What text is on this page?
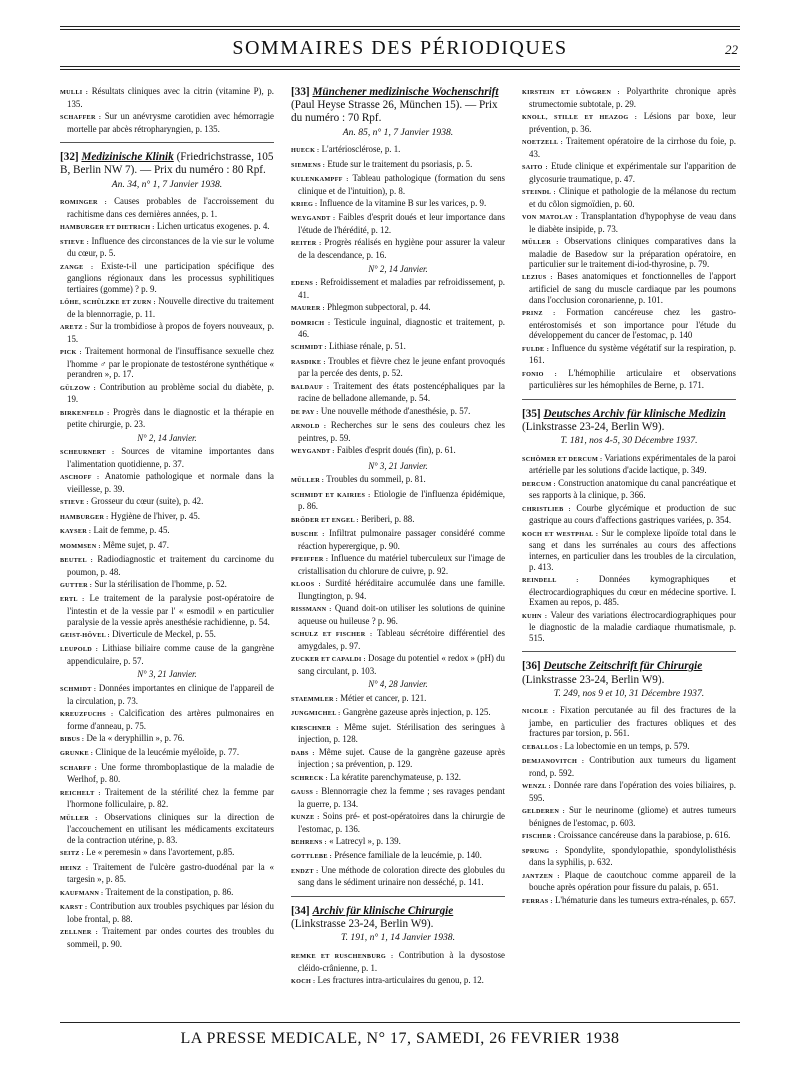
SOMMAIRES DES PÉRIODIQUES	22

MULLI : Résultats cliniques avec la citrin (vitamine P), p. 135.

SCHAFFER : Sur un anévrysme carotidien avec hémorragie mortelle par abcès rétropharyngien, p. 135.

[32] Medizinische Klinik (Friedrichstrasse, 105 B, Berlin NW 7). — Prix du numéro : 80 Rpf.

An. 34, n° 1, 7 Janvier 1938.

ROMINGER : Causes probables de l'accroissement du rachitisme dans ces dernières années, p. 1.

HAMBURGER ET DIETRICH : Lichen urticatus exogenes. p. 4.

STIEVE : Influence des circonstances de la vie sur le volume du cœur, p. 5.

ZANGE : Existe-t-il une participation spécifique des ganglions régionaux dans les processus syphilitiques tertiaires (gomme) ? p. 9.

LÖHE, SCHÜLZKE ET ZURN : Nouvelle directive du traitement de la blennorragie, p. 11.

ARETZ : Sur la trombidiose à propos de foyers nouveaux, p. 15.

PICK : Traitement hormonal de l'insuffisance sexuelle chez l'homme ♂ par le propionate de testostérone synthétique « perandren », p. 17.

GÜLZOW : Contribution au problème social du diabète, p. 19.

BIRKENFELD : Progrès dans le diagnostic et la thérapie en petite chirurgie, p. 23.

N° 2, 14 Janvier.

SCHEURNERT : Sources de vitamine importantes dans l'alimentation quotidienne, p. 37.

ASCHOFF : Anatomie pathologique et normale dans la vieillesse, p. 39.

STIEVE : Grosseur du cœur (suite), p. 42.

HAMBURGER : Hygiène de l'hiver, p. 45.

KAYSER : Lait de femme, p. 45.

MOMMSEN : Même sujet, p. 47.

BEUTEL : Radiodiagnostic et traitement du carcinome du poumon, p. 48.

GUTTER : Sur la stérilisation de l'homme, p. 52.

ERTL : Le traitement de la paralysie post-opératoire de l'intestin et de la vessie par l' « esmodil » en particulier paralysie de la vessie après anesthésie rachidienne, p. 54.

GEIST-HÖVEL : Diverticule de Meckel, p. 55.

LEUPOLD : Lithiase biliaire comme cause de la gangrène appendiculaire, p. 57.

N° 3, 21 Janvier.

SCHMIDT : Données importantes en clinique de l'appareil de la circulation, p. 73.

KREUZFUCHS : Calcification des artères pulmonaires en forme d'anneau, p. 75.

BIBUS : De la « deryphillin », p. 76.

GRUNKE : Clinique de la leucémie myéloïde, p. 77.

SCHARFF : Une forme thromboplastique de la maladie de Werlhof, p. 80.

REICHELT : Traitement de la stérilité chez la femme par l'hormone folliculaire, p. 82.

MÜLLER : Observations cliniques sur la direction de l'accouchement en utilisant les médicaments excitateurs de la contraction utérine, p. 83.

SEITZ : Le « peremesin » dans l'avortement, p.85.

HEINZ : Traitement de l'ulcère gastro-duodénal par la « targesin », p. 85.

KAUFMANN : Traitement de la constipation, p. 86.

KARST : Contribution aux troubles psychiques par lésion du lobe frontal, p. 88.

ZELLNER : Traitement par ondes courtes des troubles du sommeil, p. 90.

[33] Münchener medizinische Wochenschrift (Paul Heyse Strasse 26, München 15). — Prix du numéro : 70 Rpf.

An. 85, n° 1, 7 Janvier 1938.

HUECK : L'artériosclérose, p. 1.

SIEMENS : Etude sur le traitement du psoriasis, p. 5.

KULENKAMPFF : Tableau pathologique (formation du sens clinique et de l'intuition), p. 8.

KRIEG : Influence de la vitamine B sur les varices, p. 9.

WEYGANDT : Faibles d'esprit doués et leur importance dans l'étude de l'hérédité, p. 12.

REITER : Progrès réalisés en hygiène pour assurer la valeur de la descendance, p. 16.

N° 2, 14 Janvier.

EDENS : Refroidissement et maladies par refroidissement, p. 41.

MAURER : Phlegmon subpectoral, p. 44.

DOMRICH : Testicule inguinal, diagnostic et traitement, p. 46.

SCHMIDT : Lithiase rénale, p. 51.

RASDIKE : Troubles et fièvre chez le jeune enfant provoqués par la percée des dents, p. 52.

BALDAUF : Traitement des états postencéphaliques par la racine de belladone allemande, p. 54.

DE PAY : Une nouvelle méthode d'anesthésie, p. 57.

ARNOLD : Recherches sur le sens des couleurs chez les peintres, p. 59.

WEYGANDT : Faibles d'esprit doués (fin), p. 61.

N° 3, 21 Janvier.

MÜLLER : Troubles du sommeil, p. 81.

SCHMIDT ET KAIRIES : Etiologie de l'influenza épidémique, p. 86.

BRÖDER ET ENGEL : Beriberi, p. 88.

BUSCHE : Infiltrat pulmonaire passager considéré comme réaction hyperergique, p. 90.

PFEIFFER : Influence du matériel tuberculeux sur l'image de cristallisation du chlorure de cuivre, p. 92.

KLOOS : Surdité héréditaire accumulée dans une famille. Ilungtington, p. 94.

RISSMANN : Quand doit-on utiliser les solutions de quinine aqueuse ou huileuse ? p. 96.

SCHULZ ET FISCHER : Tableau sécrétoire différentiel des amygdales, p. 97.

ZUCKER ET CAPALDI : Dosage du potentiel « redox » (pH) du sang circulant, p. 103.

N° 4, 28 Janvier.

STAEMMLER : Métier et cancer, p. 121.

JUNGMICHEL : Gangrène gazeuse après injection, p. 125.

KIRSCHNER : Même sujet. Stérilisation des seringues à injection, p. 128.

DABS : Même sujet. Cause de la gangrène gazeuse après injection ; sa prévention, p. 129.

SCHRECK : La kératite parenchymateuse, p. 132.

GAUSS : Blennorragie chez la femme ; ses ravages pendant la guerre, p. 134.

KUNZE : Soins pré- et post-opératoires dans la chirurgie de l'estomac, p. 136.

BEHRENS : « Latrecyl », p. 139.

GOTTLEBE : Présence familiale de la leucémie, p. 140.

ENDZT : Une méthode de coloration directe des globules du sang dans le sédiment urinaire non desséché, p. 141.

[34] Archiv für klinische Chirurgie (Linkstrasse 23-24, Berlin W9).

T. 191, n° 1, 14 Janvier 1938.

REMKE ET RUSCHENBURG : Contribution à la dysostose cléido-crânienne, p. 1.

KOCH : Les fractures intra-articulaires du genou, p. 12.

KIRSTEIN ET LÖWGREN : Polyarthrite chronique après strumectomie subtotale, p. 29.

KNOLL, STILLE ET HEAZOG : Lésions par boxe, leur prévention, p. 36.

NOETZELL : Traitement opératoire de la cirrhose du foie, p. 43.

SAITO : Etude clinique et expérimentale sur l'apparition de glycosurie traumatique, p. 47.

STEINDL : Clinique et pathologie de la mélanose du rectum et du côlon sigmoïdien, p. 60.

VON MATOLAY : Transplantation d'hypophyse de veau dans le diabète insipide, p. 73.

MÜLLER : Observations cliniques comparatives dans la maladie de Basedow sur la préparation opératoire, en particulier sur le traitement di-iod-thyrosine, p. 79.

LEZIUS : Bases anatomiques et fonctionnelles de l'apport artificiel de sang du muscle cardiaque par les poumons dans l'occlusion coronarienne, p. 101.

PRINZ : Formation cancéreuse chez les gastro-entérostomisés et son importance pour l'étude du développement du cancer de l'estomac, p. 140

FULDE : Influence du système végétatif sur la respiration, p. 161.

FONIO : L'hémophilie articulaire et observations particulières sur les hémophiles de Berne, p. 171.

[35] Deutsches Archiv für klinische Medizin (Linkstrasse 23-24, Berlin W9).

T. 181, nos 4-5, 30 Décembre 1937.

SCHÖMER ET DERCUM : Variations expérimentales de la paroi artérielle par les solutions d'acide lactique, p. 349.

DERCUM : Construction anatomique du canal pancréatique et ses rapports à la clinique, p. 366.

CHRISTLIEB : Courbe glycémique et production de suc gastrique au cours d'affections gastriques variées, p. 354.

KOCH ET WESTPHAL : Sur le complexe lipoïde total dans le sang et dans les surrénales au cours des affections internes, en particulier dans les troubles de la circulation, p. 413.

REINDELL : Données kymographiques et électrocardiographiques du cœur en médecine sportive. I. Examen au repos, p. 485.

KUHN : Valeur des variations électrocardiographiques pour le diagnostic de la maladie cardiaque rhumatismale, p. 515.

[36] Deutsche Zeitschrift für Chirurgie (Linkstrasse 23-24, Berlin W9).

T. 249, nos 9 et 10, 31 Décembre 1937.

NICOLE : Fixation percutanée au fil des fractures de la jambe, en particulier des fractures obliques et des fractures par torsion, p. 561.

CEBALLOS : La lobectomie en un temps, p. 579.

DEMJANOVITCH : Contribution aux tumeurs du ligament rond, p. 592.

WENZL : Donnée rare dans l'opération des voies biliaires, p. 595.

GELDEREN : Sur le neurinome (gliome) et autres tumeurs bénignes de l'estomac, p. 603.

FISCHER : Croissance cancéreuse dans la parabiose, p. 616.

SPRUNG : Spondylite, spondylopathie, spondylolisthésis dans la syphilis, p. 632.

JANTZEN : Plaque de caoutchouc comme appareil de la bouche après opération pour fissure du palais, p. 651.

FERRAS : L'hématurie dans les tumeurs extra-rénales, p. 657.

LA PRESSE MEDICALE, N° 17, SAMEDI, 26 FEVRIER 1938
